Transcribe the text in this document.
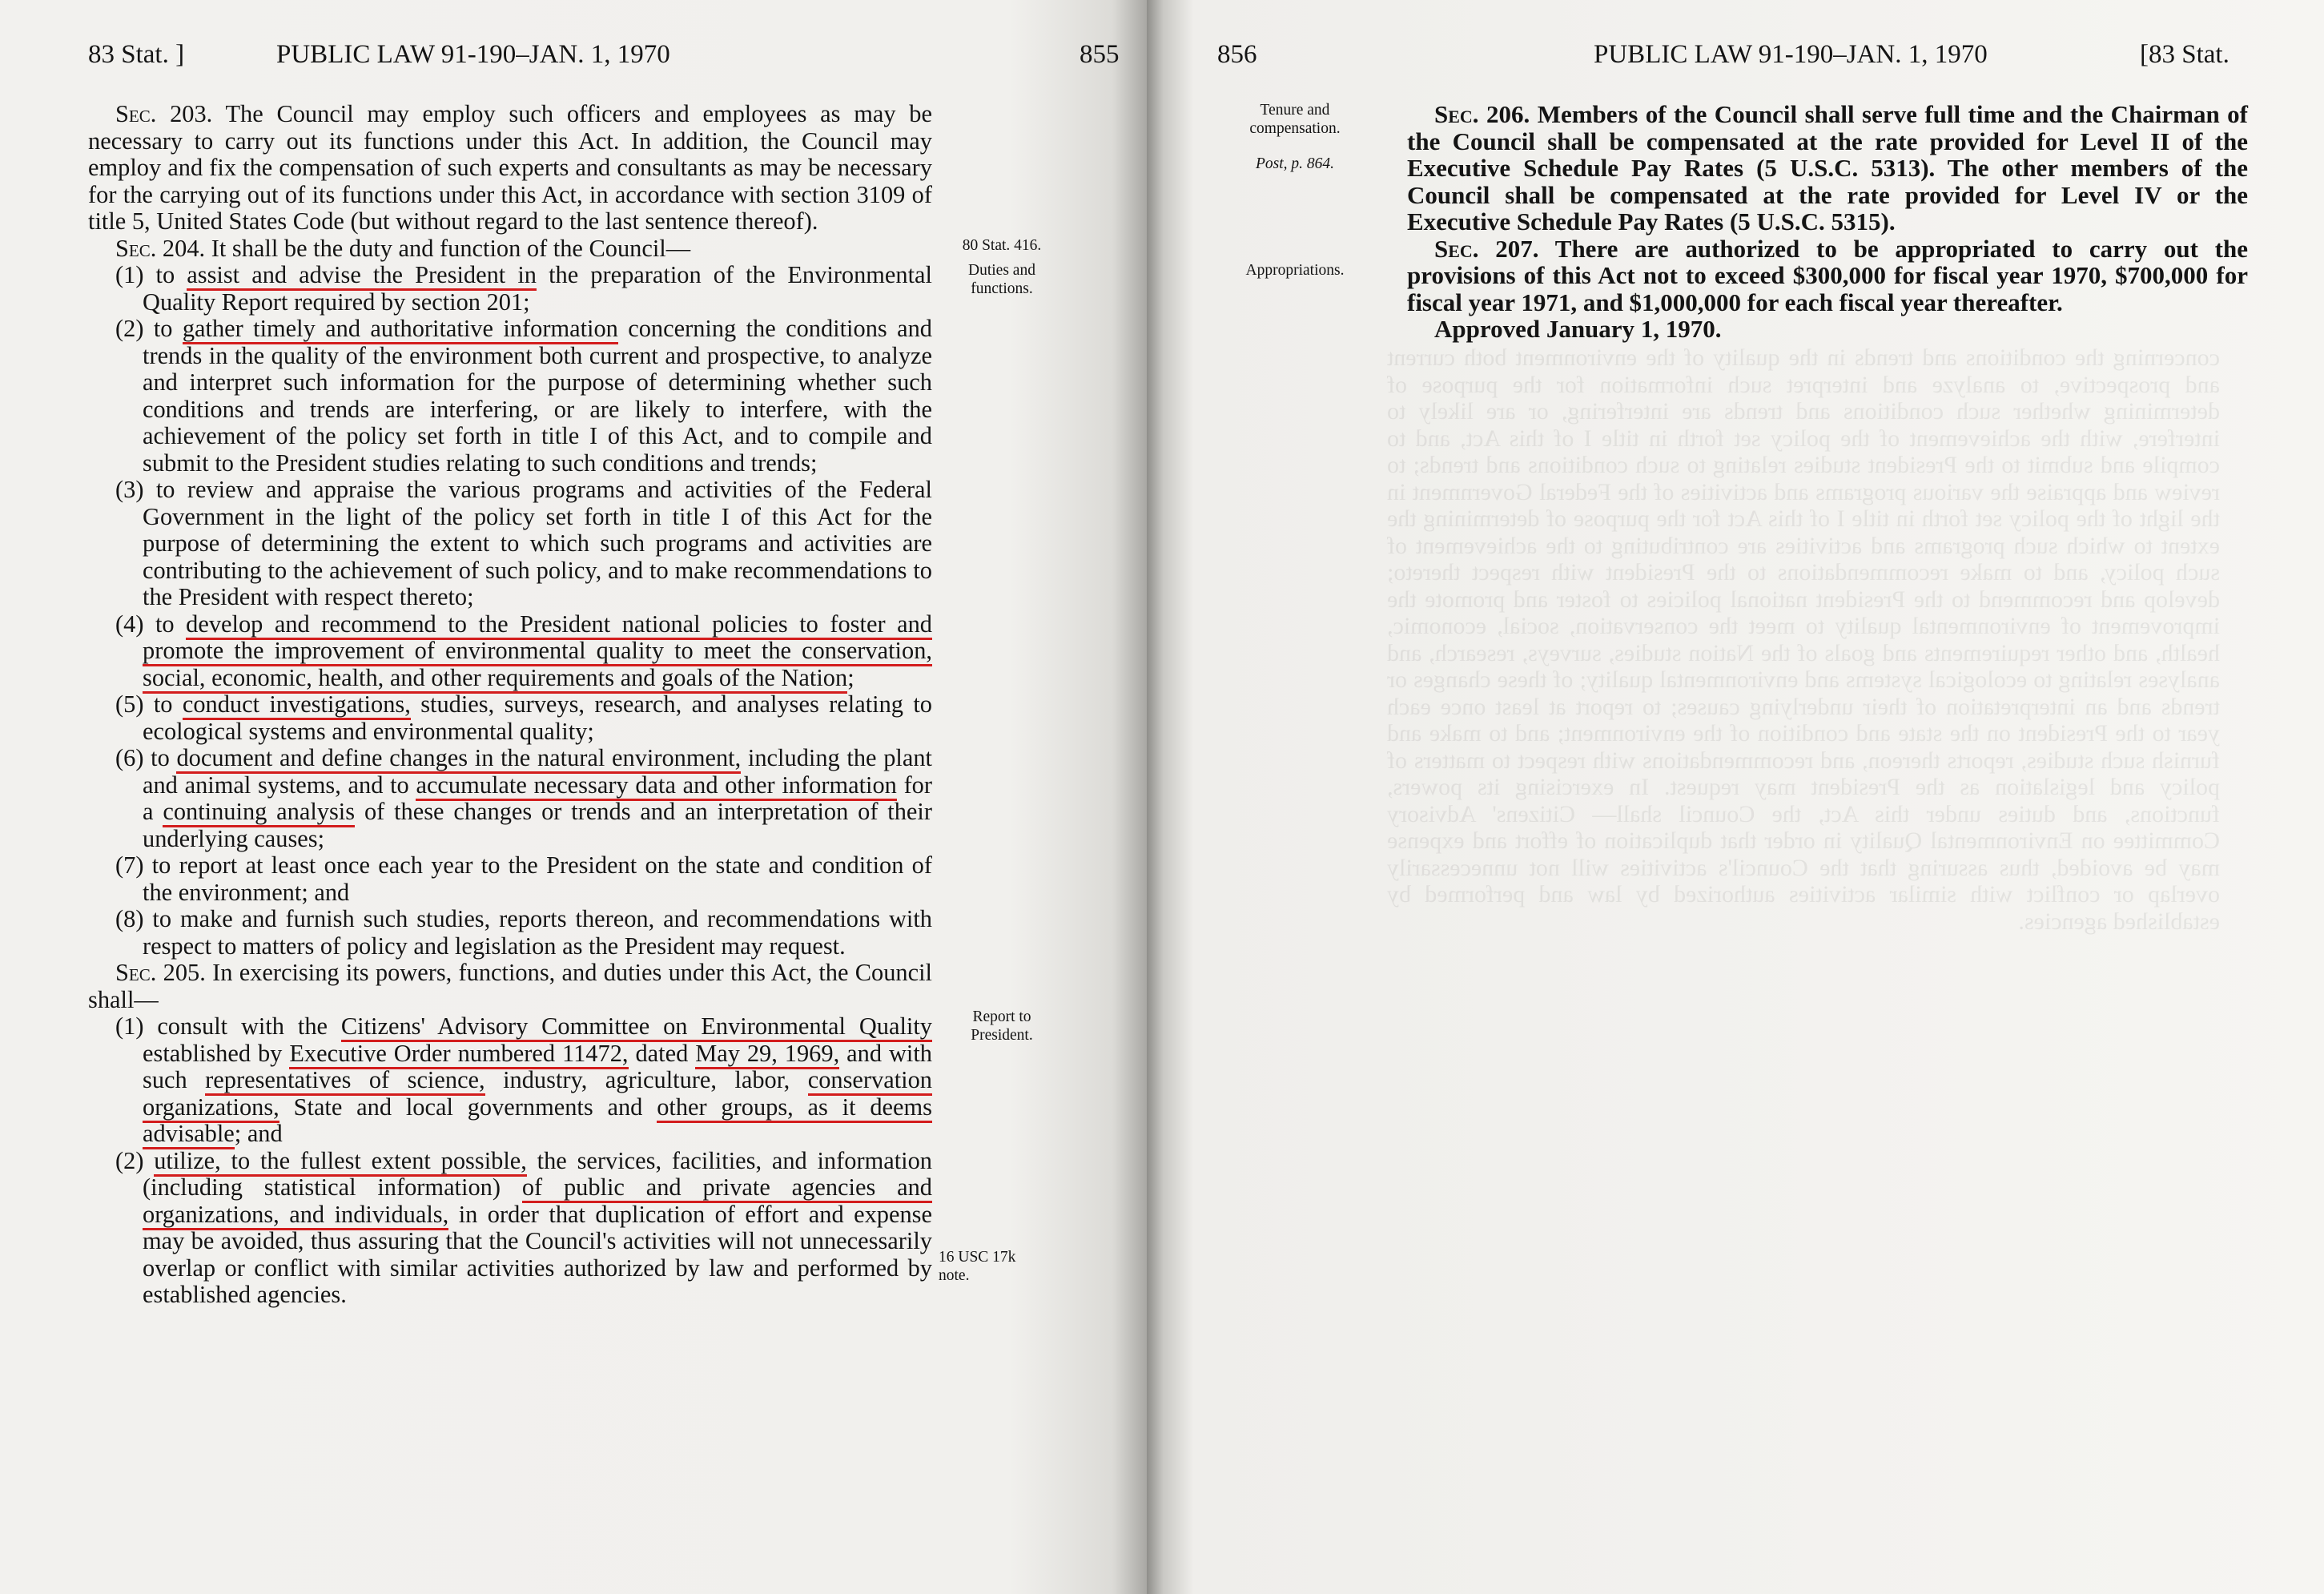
83 Stat. ]	PUBLIC LAW 91-190–JAN. 1, 1970	855
80 Stat. 416.
Duties and
functions.
Report to
President.
16 USC 17k
note.

Sec. 203. The Council may employ such officers and employees as may be necessary to carry out its functions under this Act. In addition, the Council may employ and fix the compensation of such experts and consultants as may be necessary for the carrying out of its functions under this Act, in accordance with section 3109 of title 5, United States Code (but without regard to the last sentence thereof).

Sec. 204. It shall be the duty and function of the Council—

(1) to assist and advise the President in the preparation of the Environmental Quality Report required by section 201;

(2) to gather timely and authoritative information concerning the conditions and trends in the quality of the environment both current and prospective, to analyze and interpret such information for the purpose of determining whether such conditions and trends are interfering, or are likely to interfere, with the achievement of the policy set forth in title I of this Act, and to compile and submit to the President studies relating to such conditions and trends;

(3) to review and appraise the various programs and activities of the Federal Government in the light of the policy set forth in title I of this Act for the purpose of determining the extent to which such programs and activities are contributing to the achievement of such policy, and to make recommendations to the President with respect thereto;

(4) to develop and recommend to the President national policies to foster and promote the improvement of environmental quality to meet the conservation, social, economic, health, and other requirements and goals of the Nation;

(5) to conduct investigations, studies, surveys, research, and analyses relating to ecological systems and environmental quality;

(6) to document and define changes in the natural environment, including the plant and animal systems, and to accumulate necessary data and other information for a continuing analysis of these changes or trends and an interpretation of their underlying causes;

(7) to report at least once each year to the President on the state and condition of the environment; and

(8) to make and furnish such studies, reports thereon, and recommendations with respect to matters of policy and legislation as the President may request.

Sec. 205. In exercising its powers, functions, and duties under this Act, the Council shall—

(1) consult with the Citizens' Advisory Committee on Environmental Quality established by Executive Order numbered 11472, dated May 29, 1969, and with such representatives of science, industry, agriculture, labor, conservation organizations, State and local governments and other groups, as it deems advisable; and

(2) utilize, to the fullest extent possible, the services, facilities, and information (including statistical information) of public and private agencies and organizations, and individuals, in order that duplication of effort and expense may be avoided, thus assuring that the Council's activities will not unnecessarily overlap or conflict with similar activities authorized by law and performed by established agencies.

856	PUBLIC LAW 91-190–JAN. 1, 1970	[83 Stat.
Tenure and
compensation.
Post, p. 864.
Appropriations.

Sec. 206. Members of the Council shall serve full time and the Chairman of the Council shall be compensated at the rate provided for Level II of the Executive Schedule Pay Rates (5 U.S.C. 5313). The other members of the Council shall be compensated at the rate provided for Level IV or the Executive Schedule Pay Rates (5 U.S.C. 5315).

Sec. 207. There are authorized to be appropriated to carry out the provisions of this Act not to exceed $300,000 for fiscal year 1970, $700,000 for fiscal year 1971, and $1,000,000 for each fiscal year thereafter.

Approved January 1, 1970.

concerning the conditions and trends in the quality of the environment both current and prospective, to analyze and interpret such information for the purpose of determining whether such conditions and trends are interfering, or are likely to interfere, with the achievement of the policy set forth in title I of this Act, and to compile and submit to the President studies relating to such conditions and trends; to review and appraise the various programs and activities of the Federal Government in the light of the policy set forth in title I of this Act for the purpose of determining the extent to which such programs and activities are contributing to the achievement of such policy, and to make recommendations to the President with respect thereto; develop and recommend to the President national policies to foster and promote the improvement of environmental quality to meet the conservation, social, economic, health, and other requirements and goals of the Nation studies, surveys, research, and analyses relating to ecological systems and environmental quality; of these changes or trends and an interpretation of their underlying causes; to report at least once each year to the President on the state and condition of the environment; and to make and furnish such studies, reports thereon, and recommendations with respect to matters of policy and legislation as the President may request. In exercising its powers, functions, and duties under this Act, the Council shall— Citizens' Advisory Committee on Environmental Quality in order that duplication of effort and expense may be avoided, thus assuring that the Council's activities will not unnecessarily overlap or conflict with similar activities authorized by law and performed by established agencies.
